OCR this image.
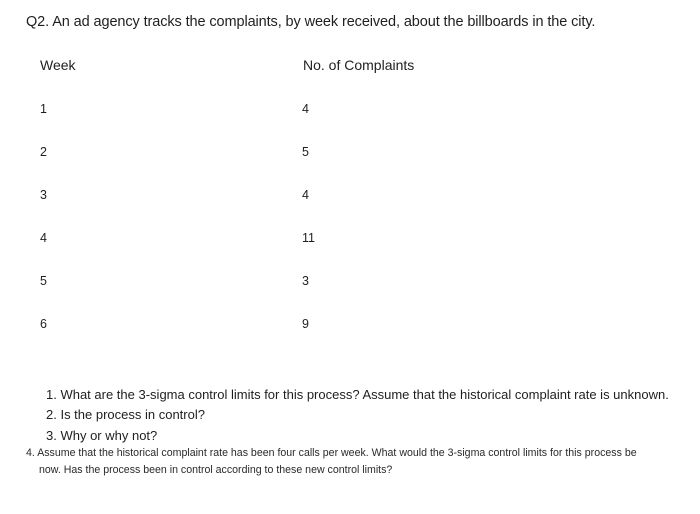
Q2. An ad agency tracks the complaints, by week received, about the billboards in the city.
Week	No. of Complaints
1	4
2	5
3	4
4	11
5	3
6	9
1. What are the 3-sigma control limits for this process? Assume that the historical complaint rate is unknown.
2. Is the process in control?
3. Why or why not?
4. Assume that the historical complaint rate has been four calls per week. What would the 3-sigma control limits for this process be
now. Has the process been in control according to these new control limits?
